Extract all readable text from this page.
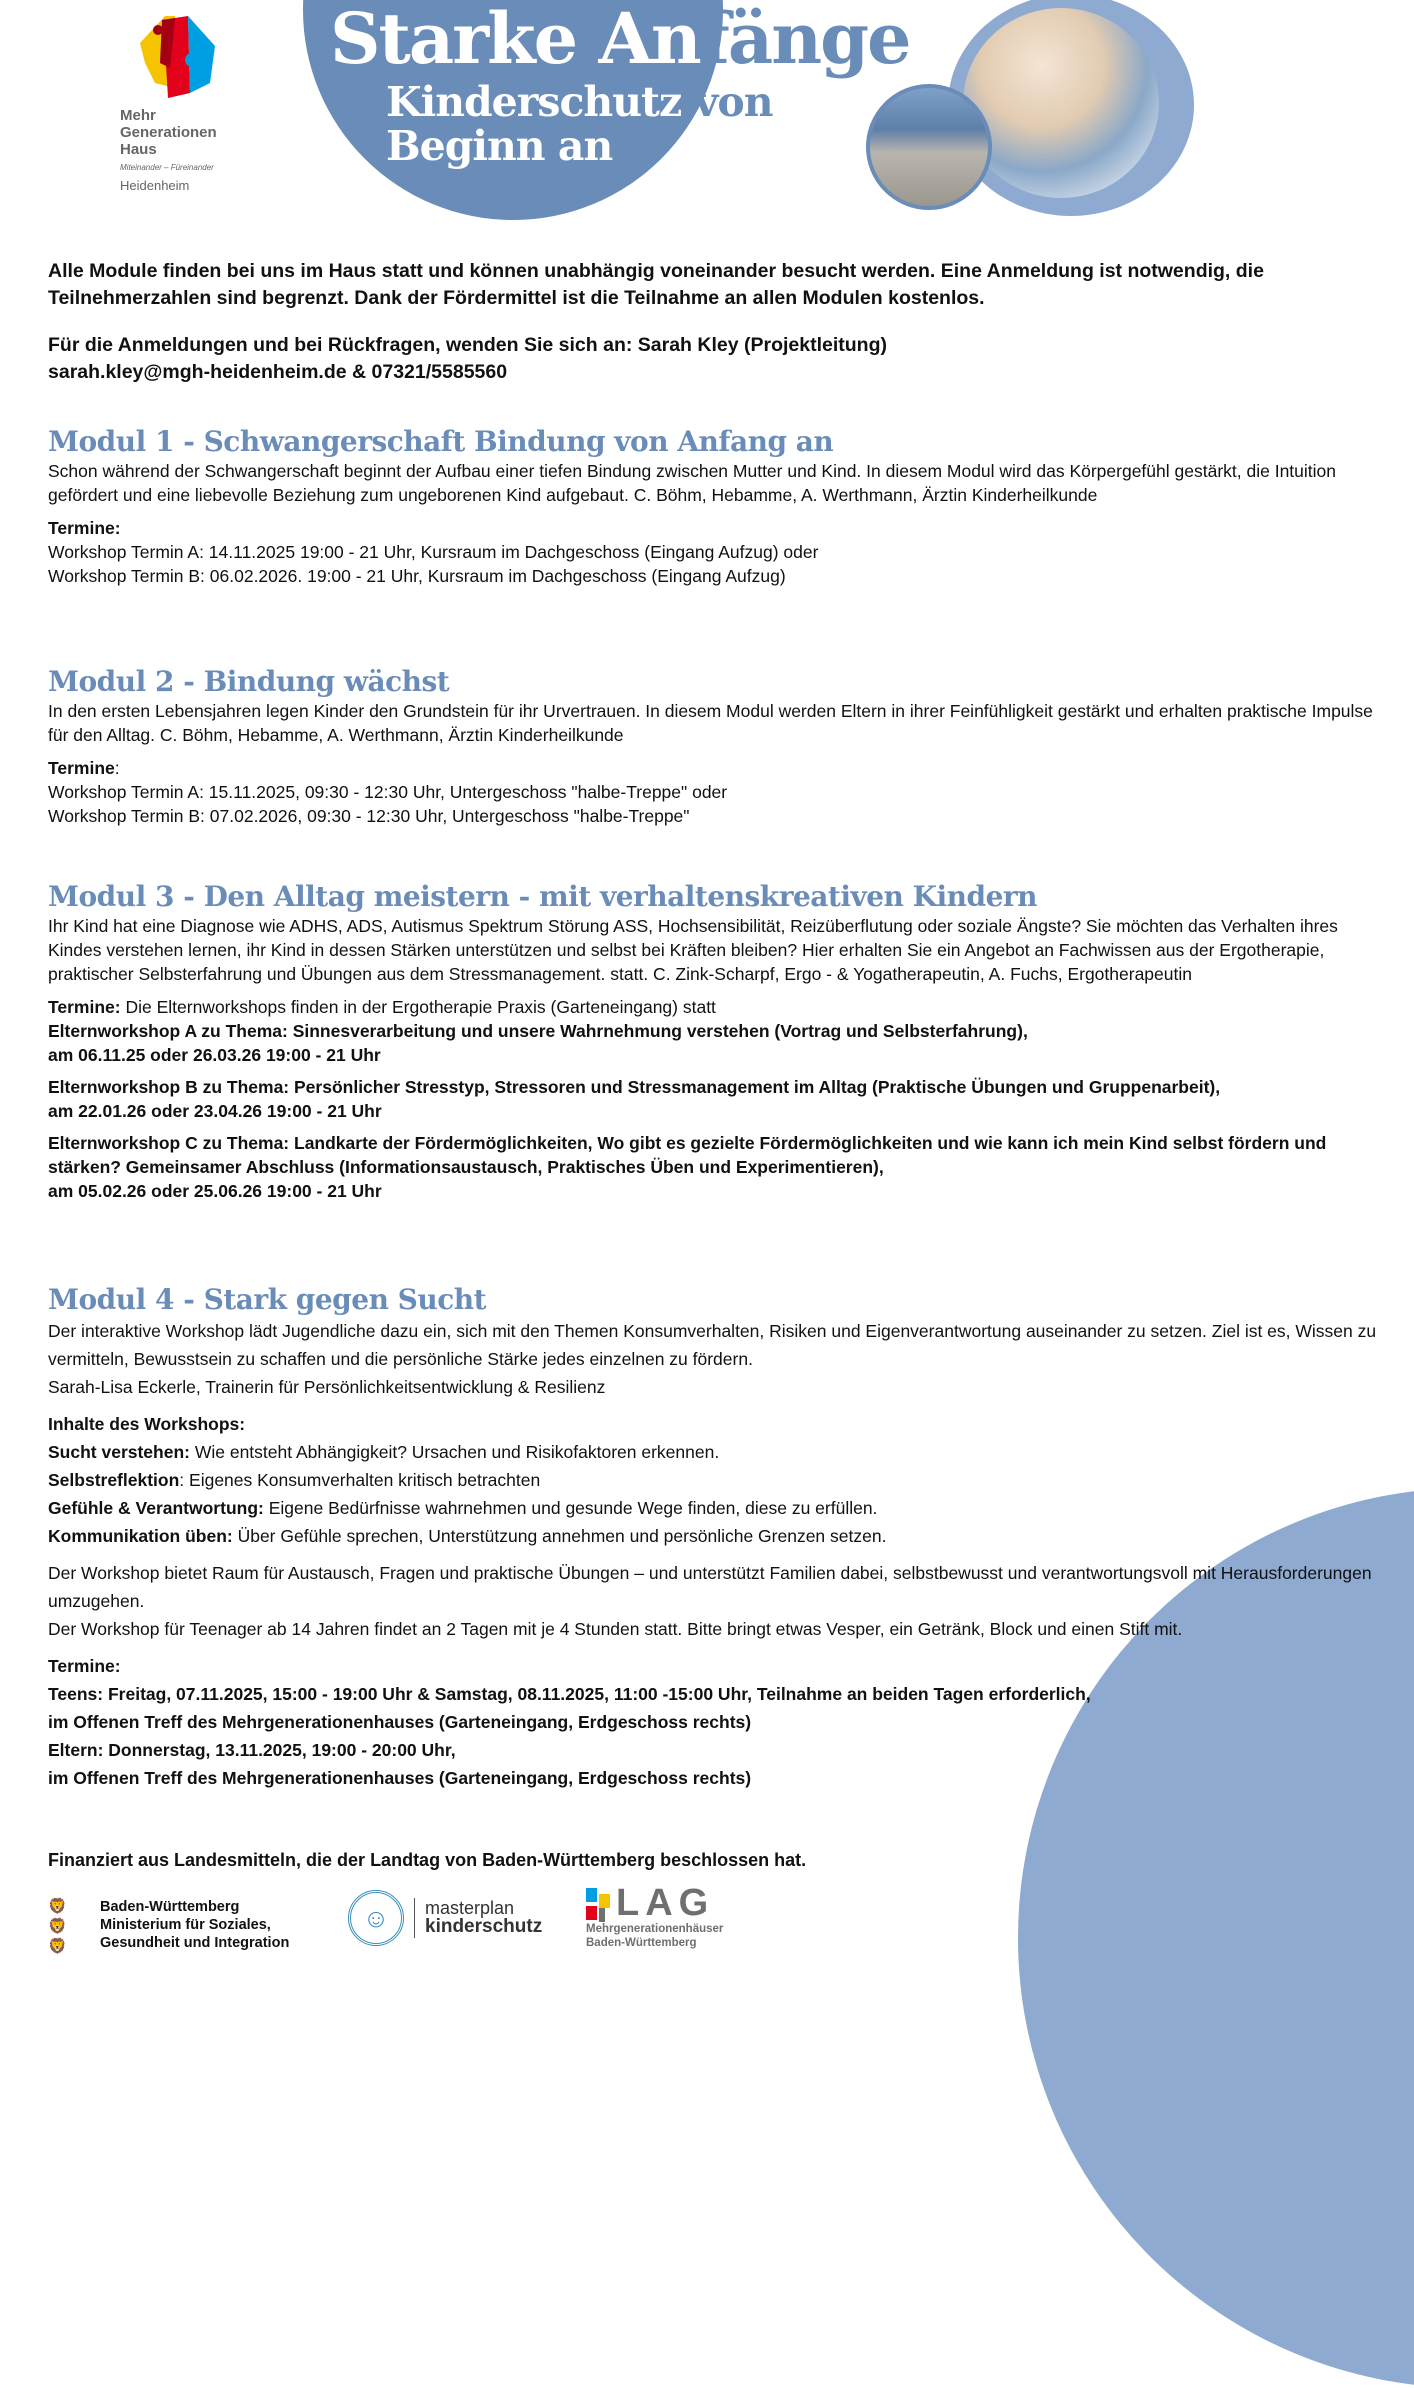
Mehr
Generationen
Haus
Miteinander – Füreinander
Heidenheim
Starke Anfänge
Kinderschutz von
Beginn an

Alle Module finden bei uns im Haus statt und können unabhängig voneinander besucht werden. Eine Anmeldung ist notwendig, die Teilnehmerzahlen sind begrenzt. Dank der Fördermittel ist die Teilnahme an allen Modulen kostenlos.

Für die Anmeldungen und bei Rückfragen, wenden Sie sich an: Sarah Kley (Projektleitung)
sarah.kley@mgh-heidenheim.de & 07321/5585560

Modul 1 - Schwangerschaft Bindung von Anfang an

Schon während der Schwangerschaft beginnt der Aufbau einer tiefen Bindung zwischen Mutter und Kind. In diesem Modul wird das Körpergefühl gestärkt, die Intuition gefördert und eine liebevolle Beziehung zum ungeborenen Kind aufgebaut. C. Böhm, Hebamme, A. Werthmann, Ärztin Kinderheilkunde

Termine:

Workshop Termin A: 14.11.2025 19:00 - 21 Uhr, Kursraum im Dachgeschoss (Eingang Aufzug) oder

Workshop Termin B: 06.02.2026. 19:00 - 21 Uhr, Kursraum im Dachgeschoss (Eingang Aufzug)

Modul 2 - Bindung wächst

In den ersten Lebensjahren legen Kinder den Grundstein für ihr Urvertrauen. In diesem Modul werden Eltern in ihrer Feinfühligkeit gestärkt und erhalten praktische Impulse für den Alltag. C. Böhm, Hebamme, A. Werthmann, Ärztin Kinderheilkunde

Termine:

Workshop Termin A: 15.11.2025, 09:30 - 12:30 Uhr, Untergeschoss "halbe-Treppe" oder

Workshop Termin B: 07.02.2026, 09:30 - 12:30 Uhr, Untergeschoss "halbe-Treppe"

Modul 3 - Den Alltag meistern - mit verhaltenskreativen Kindern

Ihr Kind hat eine Diagnose wie ADHS, ADS, Autismus Spektrum Störung ASS, Hochsensibilität, Reizüberflutung oder soziale Ängste? Sie möchten das Verhalten ihres Kindes verstehen lernen, ihr Kind in dessen Stärken unterstützen und selbst bei Kräften bleiben? Hier erhalten Sie ein Angebot an Fachwissen aus der Ergotherapie, praktischer Selbsterfahrung und Übungen aus dem Stressmanagement. statt. C. Zink-Scharpf, Ergo - & Yogatherapeutin, A. Fuchs, Ergotherapeutin

Termine: Die Elternworkshops finden in der Ergotherapie Praxis (Garteneingang) statt

Elternworkshop A zu Thema: Sinnesverarbeitung und unsere Wahrnehmung verstehen (Vortrag und Selbsterfahrung),

am 06.11.25 oder 26.03.26 19:00 - 21 Uhr

Elternworkshop B zu Thema: Persönlicher Stresstyp, Stressoren und Stressmanagement im Alltag (Praktische Übungen und Gruppenarbeit),

am 22.01.26 oder 23.04.26 19:00 - 21 Uhr

Elternworkshop C zu Thema: Landkarte der Fördermöglichkeiten, Wo gibt es gezielte Fördermöglichkeiten und wie kann ich mein Kind selbst fördern und stärken? Gemeinsamer Abschluss (Informationsaustausch, Praktisches Üben und Experimentieren),

am 05.02.26 oder 25.06.26 19:00 - 21 Uhr

Modul 4 - Stark gegen Sucht

Der interaktive Workshop lädt Jugendliche dazu ein, sich mit den Themen Konsumverhalten, Risiken und Eigenverantwortung auseinander zu setzen. Ziel ist es, Wissen zu vermitteln, Bewusstsein zu schaffen und die persönliche Stärke jedes einzelnen zu fördern.

Sarah-Lisa Eckerle, Trainerin für Persönlichkeitsentwicklung & Resilienz

Inhalte des Workshops:

Sucht verstehen: Wie entsteht Abhängigkeit? Ursachen und Risikofaktoren erkennen.

Selbstreflektion: Eigenes Konsumverhalten kritisch betrachten

Gefühle & Verantwortung: Eigene Bedürfnisse wahrnehmen und gesunde Wege finden, diese zu erfüllen.

Kommunikation üben: Über Gefühle sprechen, Unterstützung annehmen und persönliche Grenzen setzen.

Der Workshop bietet Raum für Austausch, Fragen und praktische Übungen – und unterstützt Familien dabei, selbstbewusst und verantwortungsvoll mit Herausforderungen umzugehen.

Der Workshop für Teenager ab 14 Jahren findet an 2 Tagen mit je 4 Stunden statt. Bitte bringt etwas Vesper, ein Getränk, Block und einen Stift mit.

Termine:

Teens: Freitag, 07.11.2025, 15:00 - 19:00 Uhr & Samstag, 08.11.2025, 11:00 -15:00 Uhr, Teilnahme an beiden Tagen erforderlich,

im Offenen Treff des Mehrgenerationenhauses (Garteneingang, Erdgeschoss rechts)

Eltern: Donnerstag, 13.11.2025, 19:00 - 20:00 Uhr,

im Offenen Treff des Mehrgenerationenhauses (Garteneingang, Erdgeschoss rechts)

Finanziert aus Landesmitteln, die der Landtag von Baden-Württemberg beschlossen hat.
🦁
🦁
🦁
Baden-Württemberg
Ministerium für Soziales,
Gesundheit und Integration
☺	masterplan
kinderschutz
LAG
Mehrgenerationenhäuser
Baden-Württemberg
